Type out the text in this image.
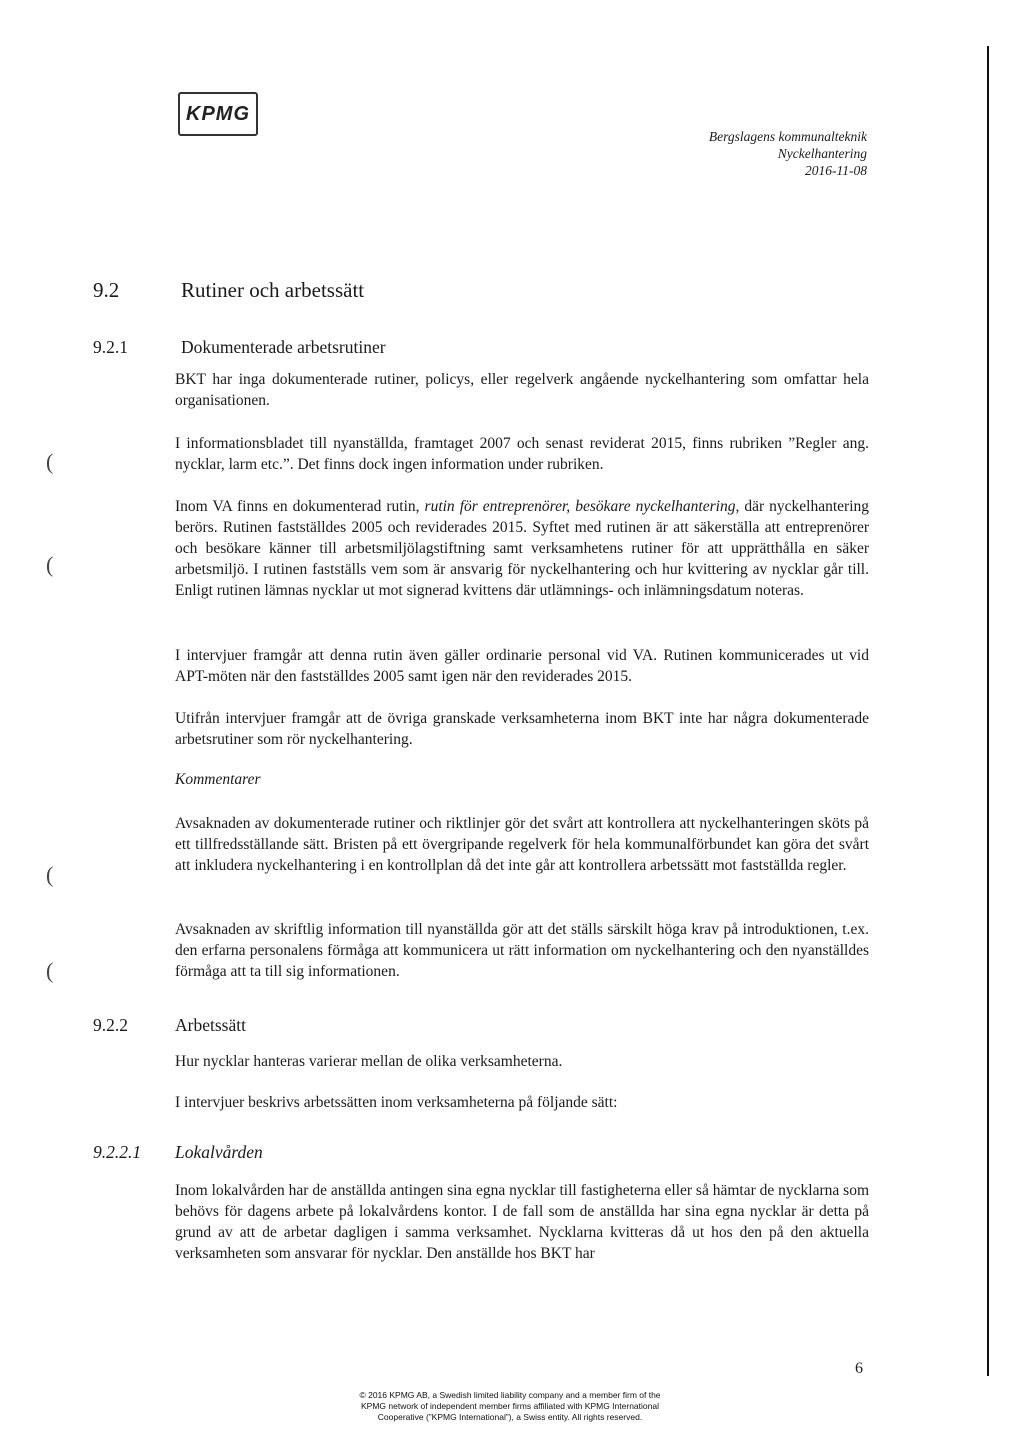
KPMG
Bergslagens kommunalteknik
Nyckelhantering
2016-11-08
9.2	Rutiner och arbetssätt
9.2.1	Dokumenterade arbetsrutiner
BKT har inga dokumenterade rutiner, policys, eller regelverk angående nyckelhantering som omfattar hela organisationen.
(
I informationsbladet till nyanställda, framtaget 2007 och senast reviderat 2015, finns rubriken ”Regler ang. nycklar, larm etc.”. Det finns dock ingen information under rubriken.
(
Inom VA finns en dokumenterad rutin, rutin för entreprenörer, besökare nyckelhantering, där nyckelhantering berörs. Rutinen fastställdes 2005 och reviderades 2015. Syftet med rutinen är att säkerställa att entreprenörer och besökare känner till arbetsmiljölagstiftning samt verksamhetens rutiner för att upprätthålla en säker arbetsmiljö. I rutinen fastställs vem som är ansvarig för nyckelhantering och hur kvittering av nycklar går till. Enligt rutinen lämnas nycklar ut mot signerad kvittens där utlämnings- och inlämningsdatum noteras.
I intervjuer framgår att denna rutin även gäller ordinarie personal vid VA. Rutinen kommunicerades ut vid APT-möten när den fastställdes 2005 samt igen när den reviderades 2015.
Utifrån intervjuer framgår att de övriga granskade verksamheterna inom BKT inte har några dokumenterade arbetsrutiner som rör nyckelhantering.
Kommentarer
(
Avsaknaden av dokumenterade rutiner och riktlinjer gör det svårt att kontrollera att nyckelhanteringen sköts på ett tillfredsställande sätt. Bristen på ett övergripande regelverk för hela kommunalförbundet kan göra det svårt att inkludera nyckelhantering i en kontrollplan då det inte går att kontrollera arbetssätt mot fastställda regler.
(
Avsaknaden av skriftlig information till nyanställda gör att det ställs särskilt höga krav på introduktionen, t.ex. den erfarna personalens förmåga att kommunicera ut rätt information om nyckelhantering och den nyanställdes förmåga att ta till sig informationen.
9.2.2	Arbetssätt
Hur nycklar hanteras varierar mellan de olika verksamheterna.
I intervjuer beskrivs arbetssätten inom verksamheterna på följande sätt:
9.2.2.1 Lokalvården
Inom lokalvården har de anställda antingen sina egna nycklar till fastigheterna eller så hämtar de nycklarna som behövs för dagens arbete på lokalvårdens kontor. I de fall som de anställda har sina egna nycklar är detta på grund av att de arbetar dagligen i samma verksamhet. Nycklarna kvitteras då ut hos den på den aktuella verksamheten som ansvarar för nycklar. Den anställde hos BKT har
6
© 2016 KPMG AB, a Swedish limited liability company and a member firm of the
KPMG network of independent member firms affiliated with KPMG International
Cooperative (”KPMG International”), a Swiss entity. All rights reserved.
